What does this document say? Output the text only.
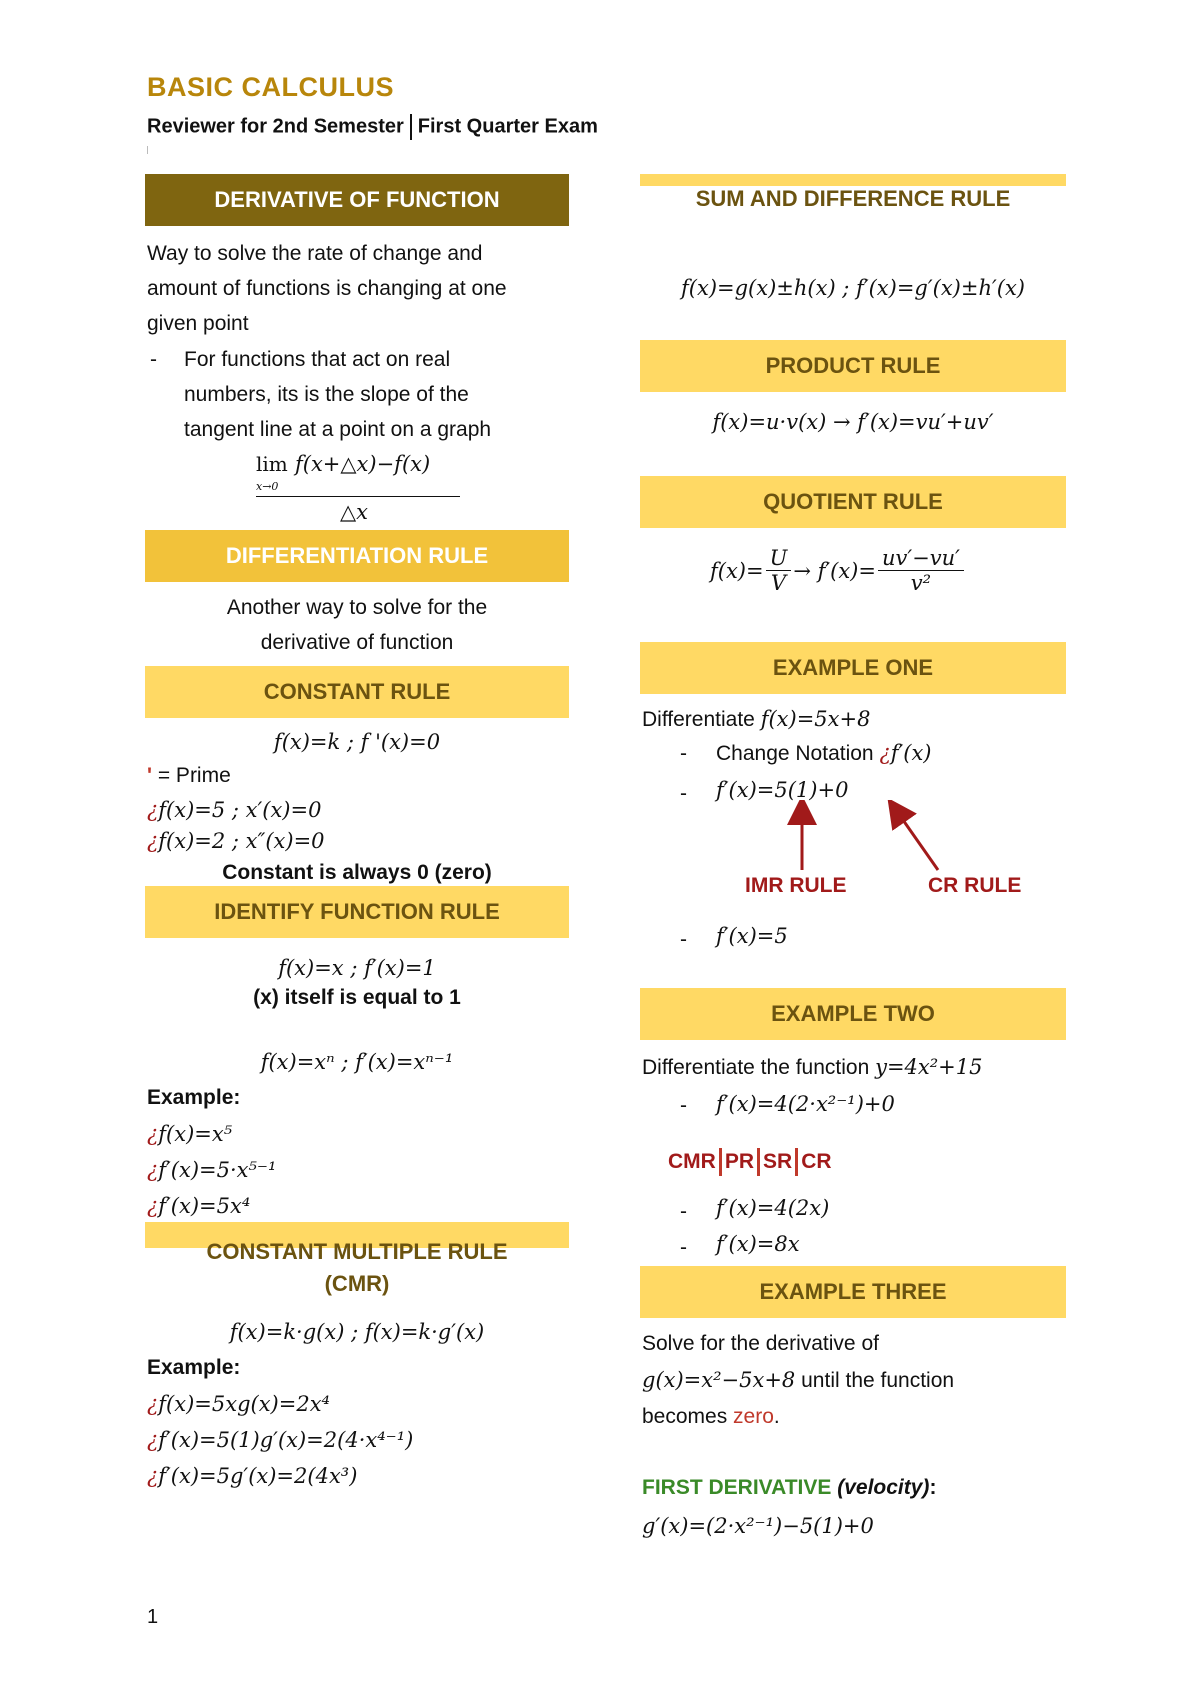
BASIC CALCULUS
Reviewer for 2nd Semester First Quarter Exam
DERIVATIVE OF FUNCTION
Way to solve the rate of change and
amount of functions is changing at one
given point
-	For functions that act on real
numbers, its is the slope of the
tangent line at a point on a graph
lim
x→0
f(x+△x)−f(x)
△x
DIFFERENTIATION RULE
Another way to solve for the
derivative of function
CONSTANT RULE
f(x)=k ; f '(x)=0
' = Prime
¿f(x)=5 ; x′(x)=0
¿f(x)=2 ; x″(x)=0
Constant is always 0 (zero)
IDENTIFY FUNCTION RULE
f(x)=x ; f′(x)=1
(x) itself is equal to 1
f(x)=xⁿ ; f′(x)=xⁿ⁻¹
Example:
¿f(x)=x⁵
¿f′(x)=5·x⁵⁻¹
¿f′(x)=5x⁴
CONSTANT MULTIPLE RULE
(CMR)
f(x)=k·g(x) ; f(x)=k·g′(x)
Example:
¿f(x)=5xg(x)=2x⁴
¿f′(x)=5(1)g′(x)=2(4·x⁴⁻¹)
¿f′(x)=5g′(x)=2(4x³)
1
SUM AND DIFFERENCE RULE
f(x)=g(x)±h(x) ; f′(x)=g′(x)±h′(x)
PRODUCT RULE
f(x)=u·v(x) → f′(x)=vu′+uv′
QUOTIENT RULE
$f(x)= \frac{U}{V} \to f'(x)= \frac{uv'-vu'}{\text{v²}}$
EXAMPLE ONE
Differentiate f(x)=5x+8
- Change Notation ¿f′(x)
- f′(x)=5(1)+0
IMR RULE	CR RULE
- f′(x)=5
EXAMPLE TWO
Differentiate the function y=4x²+15
- f′(x)=4(2·x²⁻¹)+0
CMR PR SR CR
- f′(x)=4(2x)
- f′(x)=8x
EXAMPLE THREE
Solve for the derivative of
g(x)=x²−5x+8 until the function
becomes zero.
FIRST DERIVATIVE (velocity):
g′(x)=(2·x²⁻¹)−5(1)+0
